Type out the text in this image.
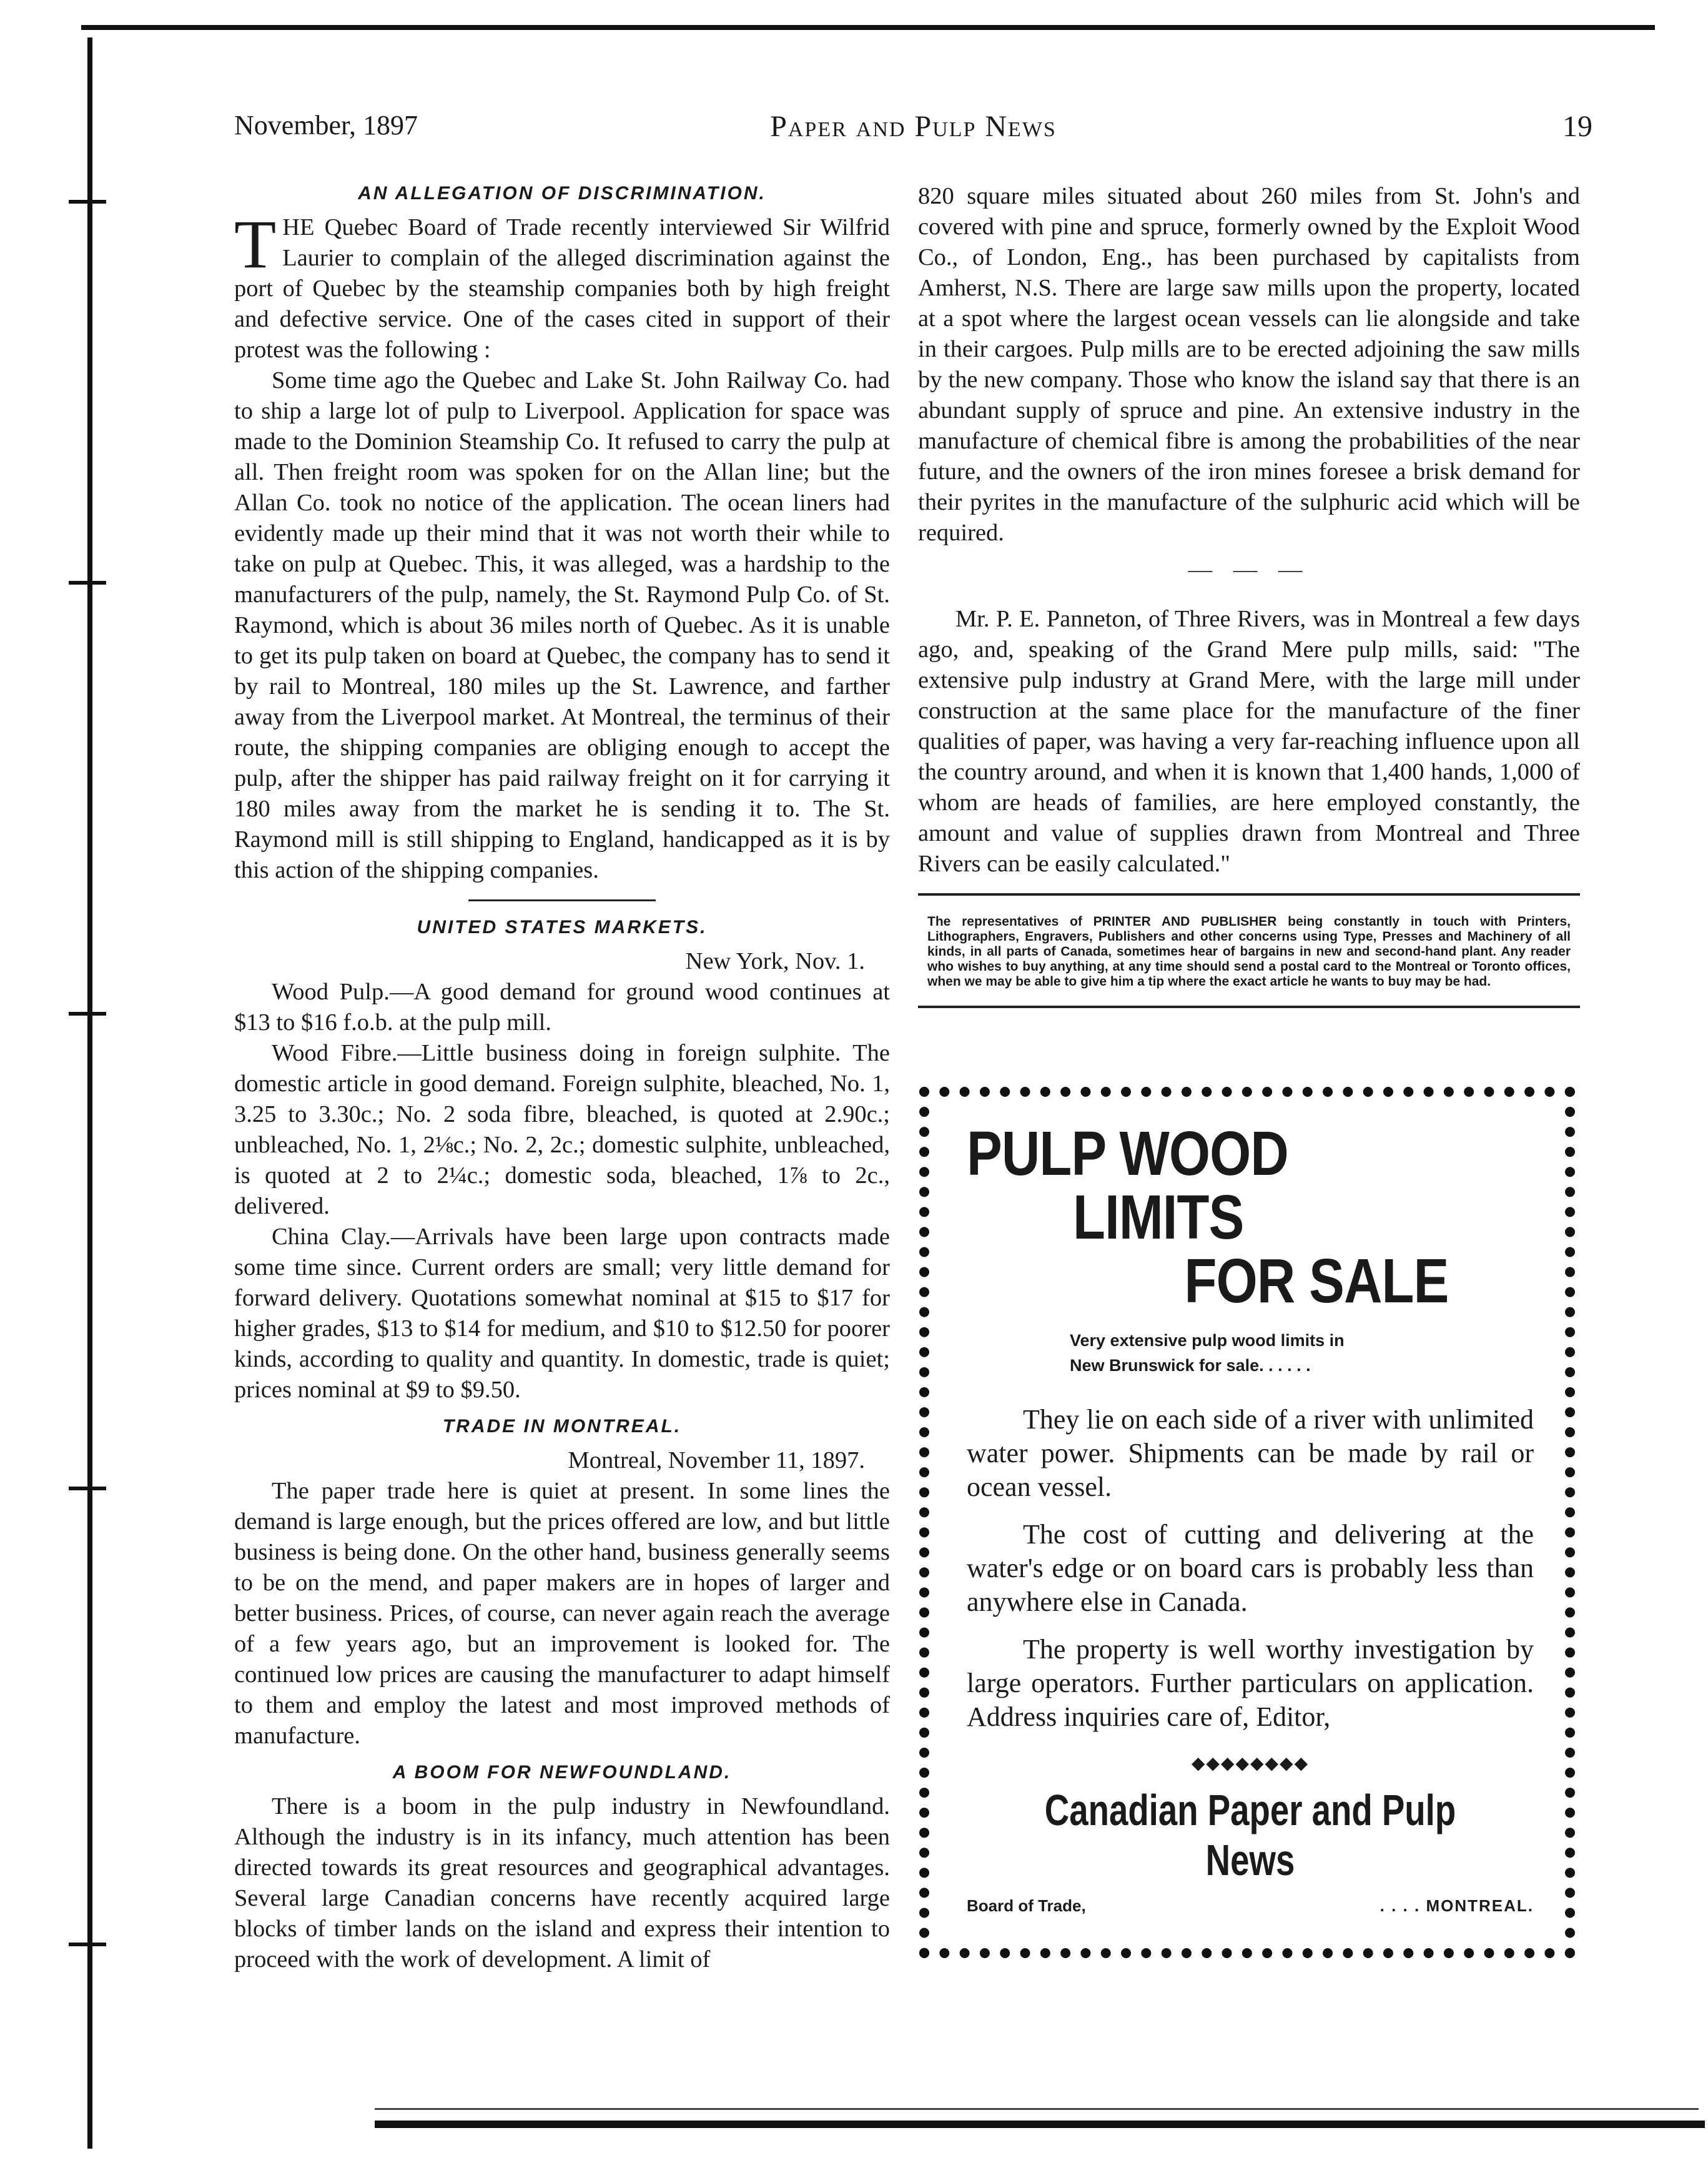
November, 1897	Paper and Pulp News	19
AN ALLEGATION OF DISCRIMINATION.

THE Quebec Board of Trade recently interviewed Sir Wilfrid Laurier to complain of the alleged discrimination against the port of Quebec by the steamship companies both by high freight and defective service. One of the cases cited in support of their protest was the following :

Some time ago the Quebec and Lake St. John Railway Co. had to ship a large lot of pulp to Liverpool. Application for space was made to the Dominion Steamship Co. It refused to carry the pulp at all. Then freight room was spoken for on the Allan line; but the Allan Co. took no notice of the application. The ocean liners had evidently made up their mind that it was not worth their while to take on pulp at Quebec. This, it was alleged, was a hardship to the manufacturers of the pulp, namely, the St. Raymond Pulp Co. of St. Raymond, which is about 36 miles north of Quebec. As it is unable to get its pulp taken on board at Quebec, the company has to send it by rail to Montreal, 180 miles up the St. Lawrence, and farther away from the Liverpool market. At Montreal, the terminus of their route, the shipping companies are obliging enough to accept the pulp, after the shipper has paid railway freight on it for carrying it 180 miles away from the market he is sending it to. The St. Raymond mill is still shipping to England, handicapped as it is by this action of the shipping companies.

UNITED STATES MARKETS.
New York, Nov. 1.

Wood Pulp.—A good demand for ground wood continues at $13 to $16 f.o.b. at the pulp mill.

Wood Fibre.—Little business doing in foreign sulphite. The domestic article in good demand. Foreign sulphite, bleached, No. 1, 3.25 to 3.30c.; No. 2 soda fibre, bleached, is quoted at 2.90c.; unbleached, No. 1, 2⅛c.; No. 2, 2c.; domestic sulphite, unbleached, is quoted at 2 to 2¼c.; domestic soda, bleached, 1⅞ to 2c., delivered.

China Clay.—Arrivals have been large upon contracts made some time since. Current orders are small; very little demand for forward delivery. Quotations somewhat nominal at $15 to $17 for higher grades, $13 to $14 for medium, and $10 to $12.50 for poorer kinds, according to quality and quantity. In domestic, trade is quiet; prices nominal at $9 to $9.50.

TRADE IN MONTREAL.
Montreal, November 11, 1897.

The paper trade here is quiet at present. In some lines the demand is large enough, but the prices offered are low, and but little business is being done. On the other hand, business generally seems to be on the mend, and paper makers are in hopes of larger and better business. Prices, of course, can never again reach the average of a few years ago, but an improvement is looked for. The continued low prices are causing the manufacturer to adapt himself to them and employ the latest and most improved methods of manufacture.

A BOOM FOR NEWFOUNDLAND.

There is a boom in the pulp industry in Newfoundland. Although the industry is in its infancy, much attention has been directed towards its great resources and geographical advantages. Several large Canadian concerns have recently acquired large blocks of timber lands on the island and express their intention to proceed with the work of development. A limit of

820 square miles situated about 260 miles from St. John's and covered with pine and spruce, formerly owned by the Exploit Wood Co., of London, Eng., has been purchased by capitalists from Amherst, N.S. There are large saw mills upon the property, located at a spot where the largest ocean vessels can lie alongside and take in their cargoes. Pulp mills are to be erected adjoining the saw mills by the new company. Those who know the island say that there is an abundant supply of spruce and pine. An extensive industry in the manufacture of chemical fibre is among the probabilities of the near future, and the owners of the iron mines foresee a brisk demand for their pyrites in the manufacture of the sulphuric acid which will be required.

— — —

Mr. P. E. Panneton, of Three Rivers, was in Montreal a few days ago, and, speaking of the Grand Mere pulp mills, said: "The extensive pulp industry at Grand Mere, with the large mill under construction at the same place for the manufacture of the finer qualities of paper, was having a very far-reaching influence upon all the country around, and when it is known that 1,400 hands, 1,000 of whom are heads of families, are here employed constantly, the amount and value of supplies drawn from Montreal and Three Rivers can be easily calculated."

The representatives of PRINTER AND PUBLISHER being constantly in touch with Printers, Lithographers, Engravers, Publishers and other concerns using Type, Presses and Machinery of all kinds, in all parts of Canada, sometimes hear of bargains in new and second-hand plant. Any reader who wishes to buy anything, at any time should send a postal card to the Montreal or Toronto offices, when we may be able to give him a tip where the exact article he wants to buy may be had.
PULP WOOD
LIMITS
FOR SALE
Very extensive pulp wood limits in
New Brunswick for sale. . . . . .

They lie on each side of a river with unlimited water power. Shipments can be made by rail or ocean vessel.

The cost of cutting and delivering at the water's edge or on board cars is probably less than anywhere else in Canada.

The property is well worthy investigation by large operators. Further particulars on application. Address inquiries care of, Editor,

◆◆◆◆◆◆◆◆
Canadian Paper and Pulp News
Board of Trade,	. . . . MONTREAL.
